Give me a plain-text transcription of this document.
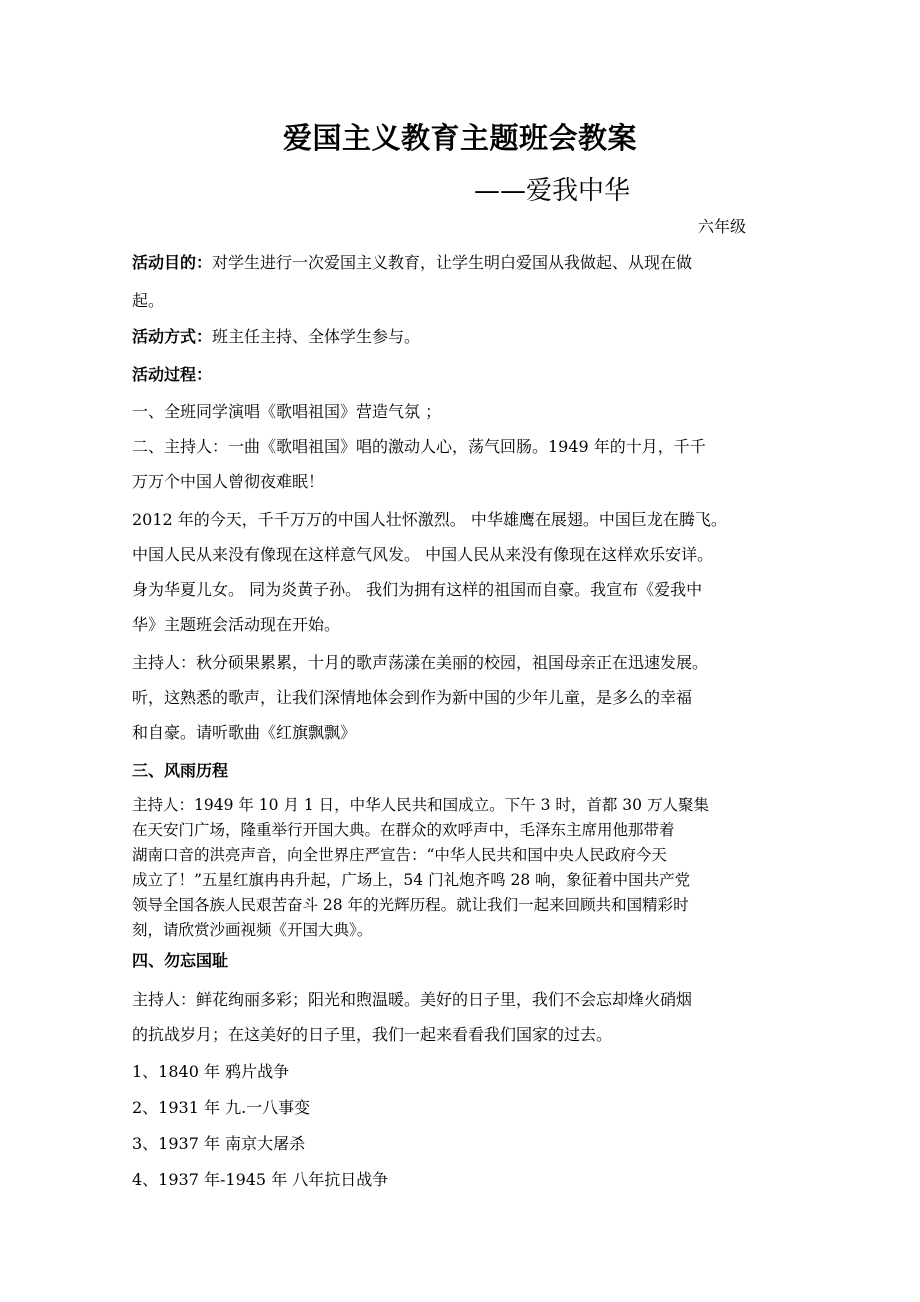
爱国主义教育主题班会教案
——爱我中华
六年级
活动目的：对学生进行一次爱国主义教育，让学生明白爱国从我做起、从现在做
起。
活动方式：班主任主持、全体学生参与。
活动过程：
一、全班同学演唱《歌唱祖国》营造气氛 ；
二、主持人：一曲《歌唱祖国》唱的激动人心，荡气回肠。1949 年的十月，千千
万万个中国人曾彻夜难眠！
2012 年的今天，千千万万的中国人壮怀激烈。 中华雄鹰在展翅。中国巨龙在腾飞。
中国人民从来没有像现在这样意气风发。 中国人民从来没有像现在这样欢乐安详。
身为华夏儿女。 同为炎黄子孙。 我们为拥有这样的祖国而自豪。我宣布《爱我中
华》主题班会活动现在开始。
主持人：秋分硕果累累，十月的歌声荡漾在美丽的校园，祖国母亲正在迅速发展。
听，这熟悉的歌声，让我们深情地体会到作为新中国的少年儿童，是多么的幸福
和自豪。请听歌曲《红旗飘飘》
三、风雨历程
主持人：1949 年 10 月 1 日，中华人民共和国成立。下午 3 时，首都 30 万人聚集
在天安门广场，隆重举行开国大典。在群众的欢呼声中，毛泽东主席用他那带着
湖南口音的洪亮声音，向全世界庄严宣告：“中华人民共和国中央人民政府今天
成立了！”五星红旗冉冉升起，广场上，54 门礼炮齐鸣 28 响，象征着中国共产党
领导全国各族人民艰苦奋斗 28 年的光辉历程。就让我们一起来回顾共和国精彩时
刻，请欣赏沙画视频《开国大典》。
四、勿忘国耻
主持人：鲜花绚丽多彩；阳光和煦温暖。美好的日子里，我们不会忘却烽火硝烟
的抗战岁月；在这美好的日子里，我们一起来看看我们国家的过去。
1、1840 年 鸦片战争
2、1931 年 九.一八事变
3、1937 年 南京大屠杀
4、1937 年-1945 年 八年抗日战争
